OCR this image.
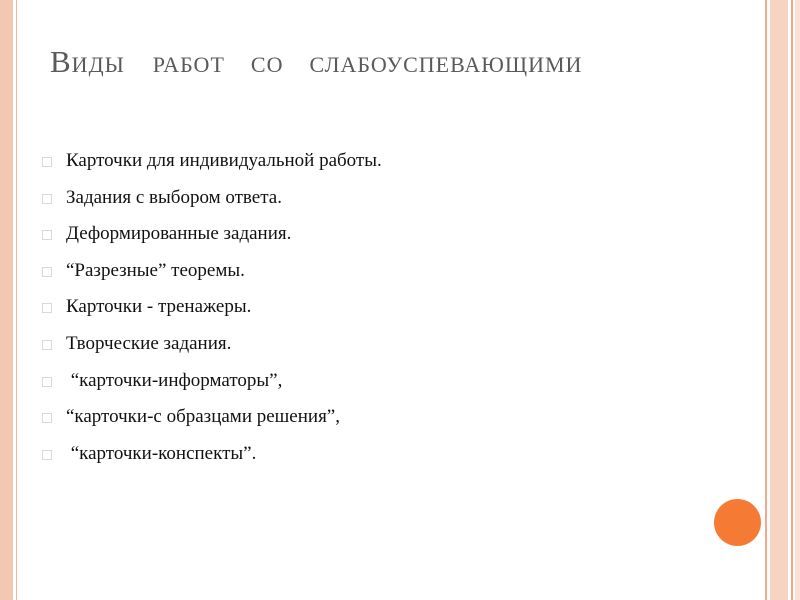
Виды работ со слабоуспевающими
Карточки для индивидуальной работы.
Задания с выбором ответа.
Деформированные задания.
“Разрезные” теоремы.
Карточки - тренажеры.
Творческие задания.
“карточки-информаторы”,
“карточки-с образцами решения”,
“карточки-конспекты”.
